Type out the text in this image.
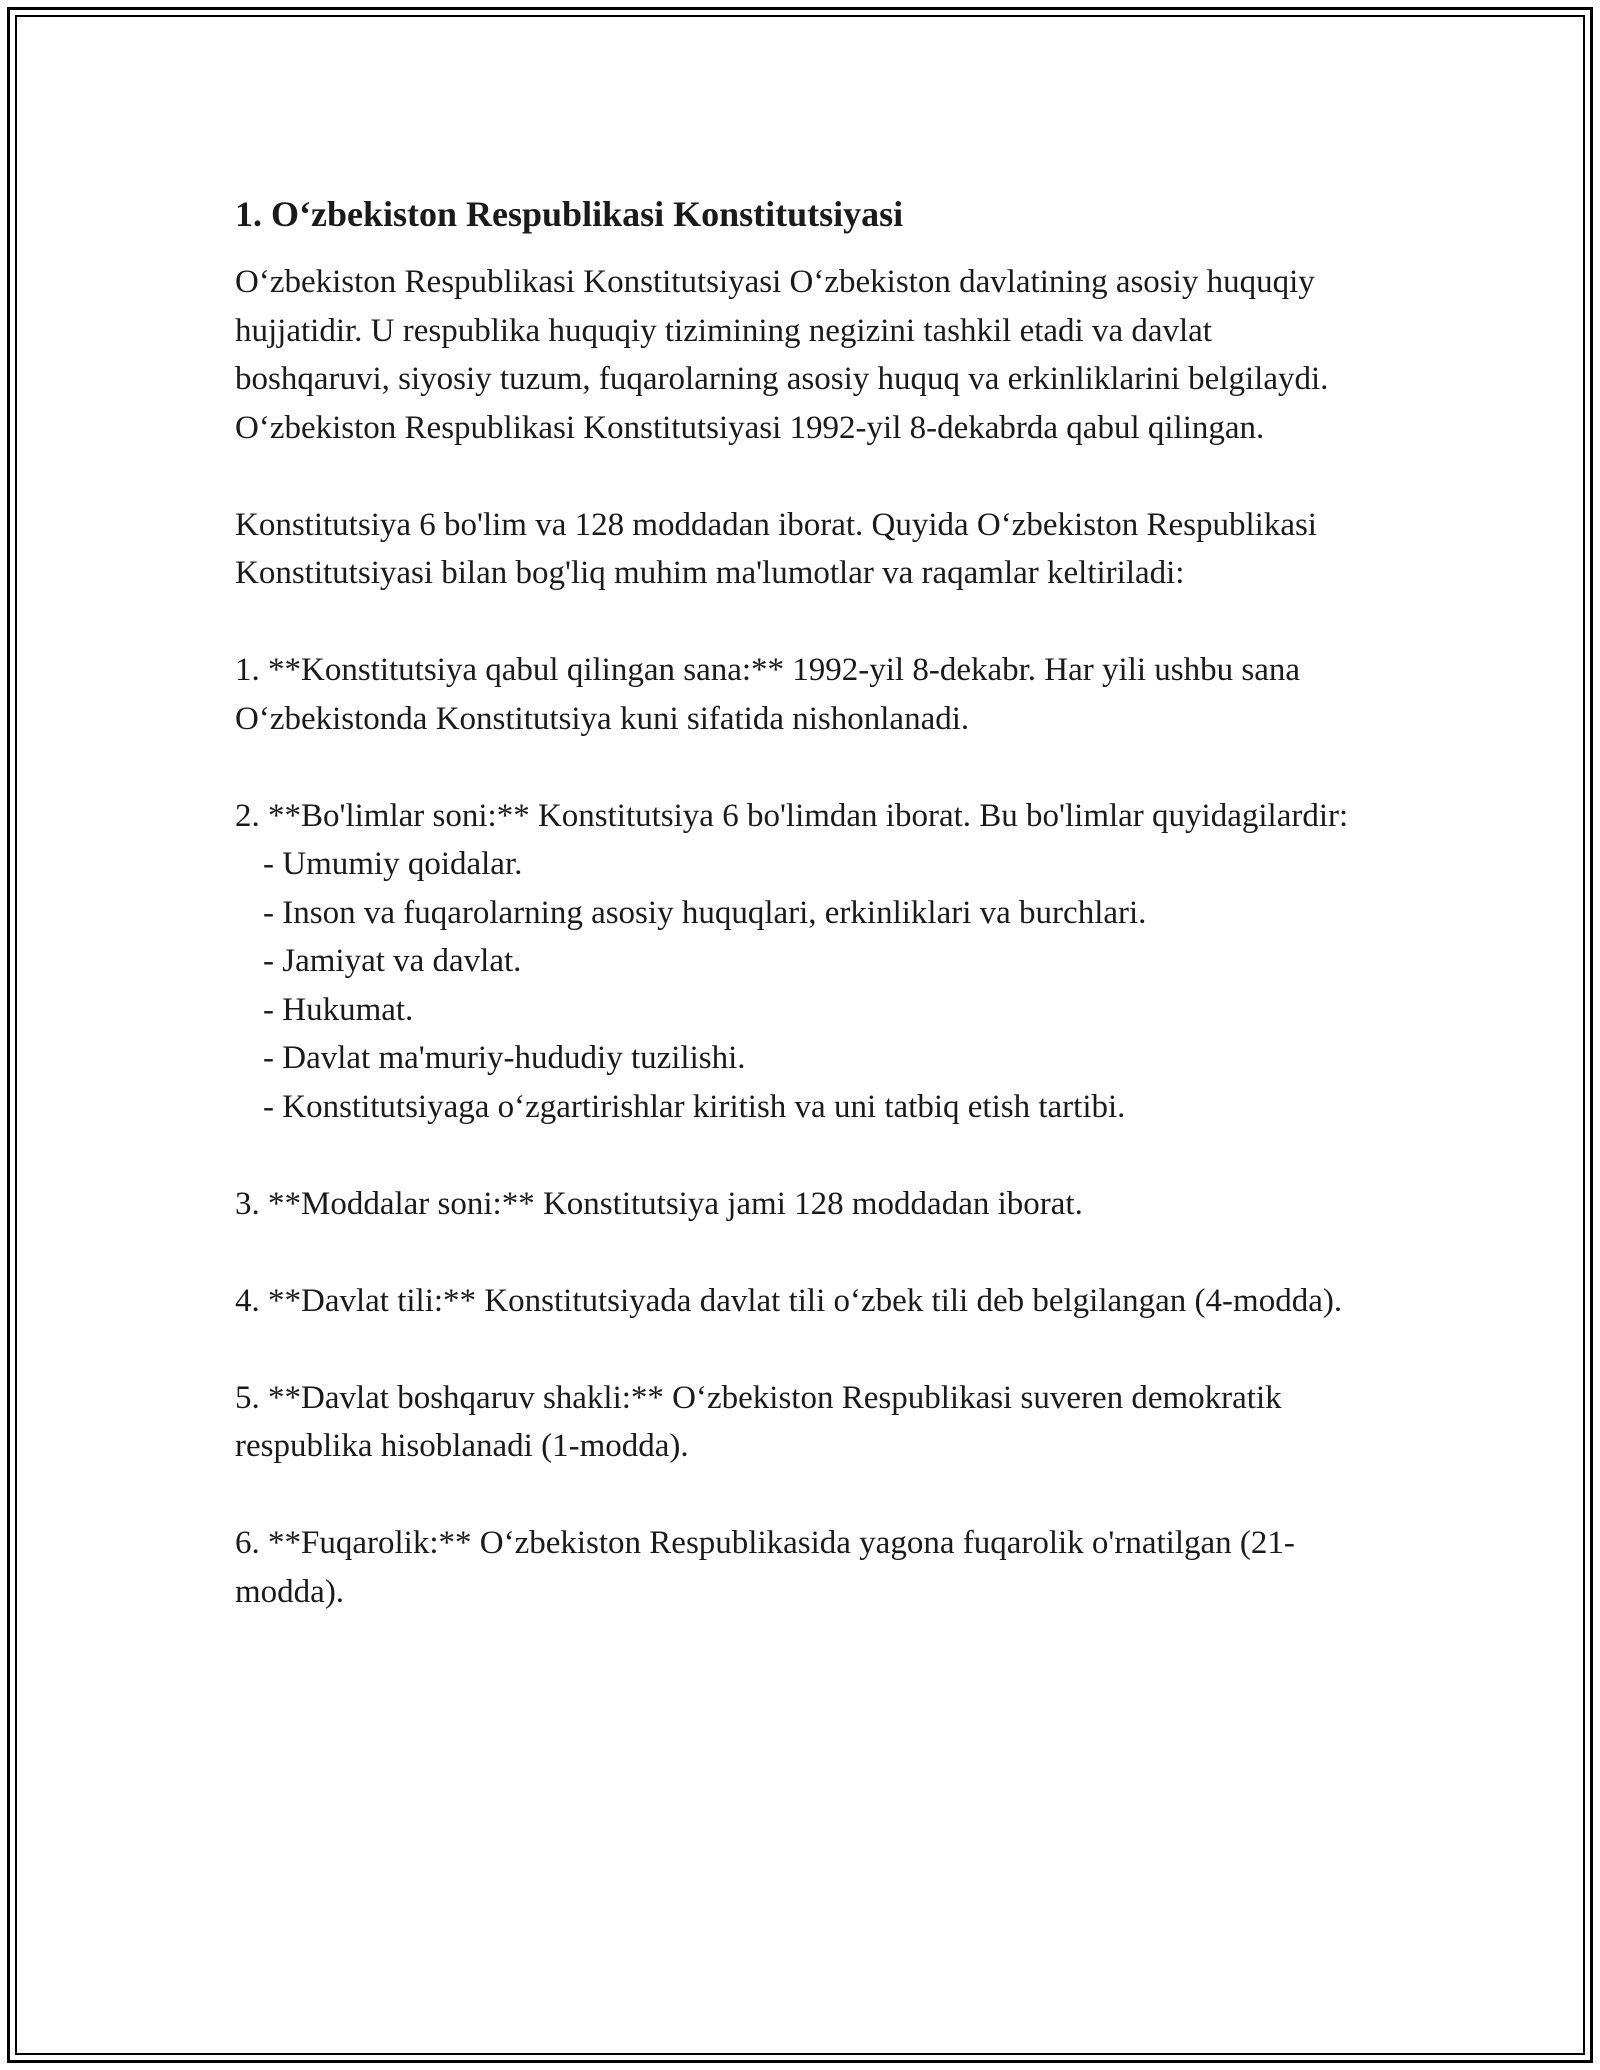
1. O‘zbekiston Respublikasi Konstitutsiyasi

O‘zbekiston Respublikasi Konstitutsiyasi O‘zbekiston davlatining asosiy huquqiy hujjatidir. U respublika huquqiy tizimining negizini tashkil etadi va davlat boshqaruvi, siyosiy tuzum, fuqarolarning asosiy huquq va erkinliklarini belgilaydi. O‘zbekiston Respublikasi Konstitutsiyasi 1992-yil 8-dekabrda qabul qilingan.

Konstitutsiya 6 bo'lim va 128 moddadan iborat. Quyida O‘zbekiston Respublikasi Konstitutsiyasi bilan bog'liq muhim ma'lumotlar va raqamlar keltiriladi:

1. **Konstitutsiya qabul qilingan sana:** 1992-yil 8-dekabr. Har yili ushbu sana O‘zbekistonda Konstitutsiya kuni sifatida nishonlanadi.

2. **Bo'limlar soni:** Konstitutsiya 6 bo'limdan iborat. Bu bo'limlar quyidagilardir:

- Umumiy qoidalar.
- Inson va fuqarolarning asosiy huquqlari, erkinliklari va burchlari.
- Jamiyat va davlat.
- Hukumat.
- Davlat ma'muriy-hududiy tuzilishi.
- Konstitutsiyaga o‘zgartirishlar kiritish va uni tatbiq etish tartibi.

3. **Moddalar soni:** Konstitutsiya jami 128 moddadan iborat.

4. **Davlat tili:** Konstitutsiyada davlat tili o‘zbek tili deb belgilangan (4-modda).

5. **Davlat boshqaruv shakli:** O‘zbekiston Respublikasi suveren demokratik respublika hisoblanadi (1-modda).

6. **Fuqarolik:** O‘zbekiston Respublikasida yagona fuqarolik o'rnatilgan (21-modda).
